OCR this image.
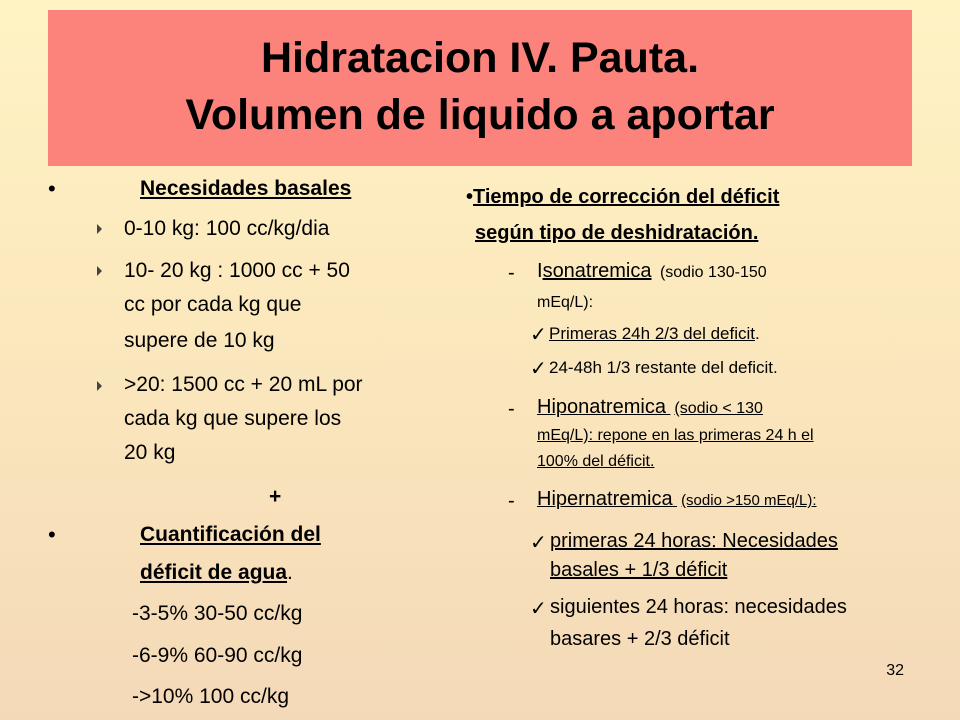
Hidratacion IV. Pauta.
Volumen de liquido a aportar
•	Necesidades basales
0-10 kg: 100 cc/kg/dia
10- 20 kg : 1000 cc + 50
cc por cada kg que
supere de 10 kg
>20: 1500 cc + 20 mL por
cada kg que supere los
20 kg
+
•	Cuantificación del
déficit de agua.
-3-5% 30-50 cc/kg
-6-9% 60-90 cc/kg
->10% 100 cc/kg
•Tiempo de corrección del déficit
según tipo de deshidratación.
- Isonatremica (sodio 130-150
mEq/L):
✓ Primeras 24h 2/3 del deficit.
✓ 24-48h 1/3 restante del deficit.
- Hiponatremica (sodio < 130
mEq/L): repone en las primeras 24 h el
100% del déficit.
- Hipernatremica (sodio >150 mEq/L):
✓ primeras 24 horas: Necesidades
basales + 1/3 déficit
✓ siguientes 24 horas: necesidades
basares + 2/3 déficit
32
